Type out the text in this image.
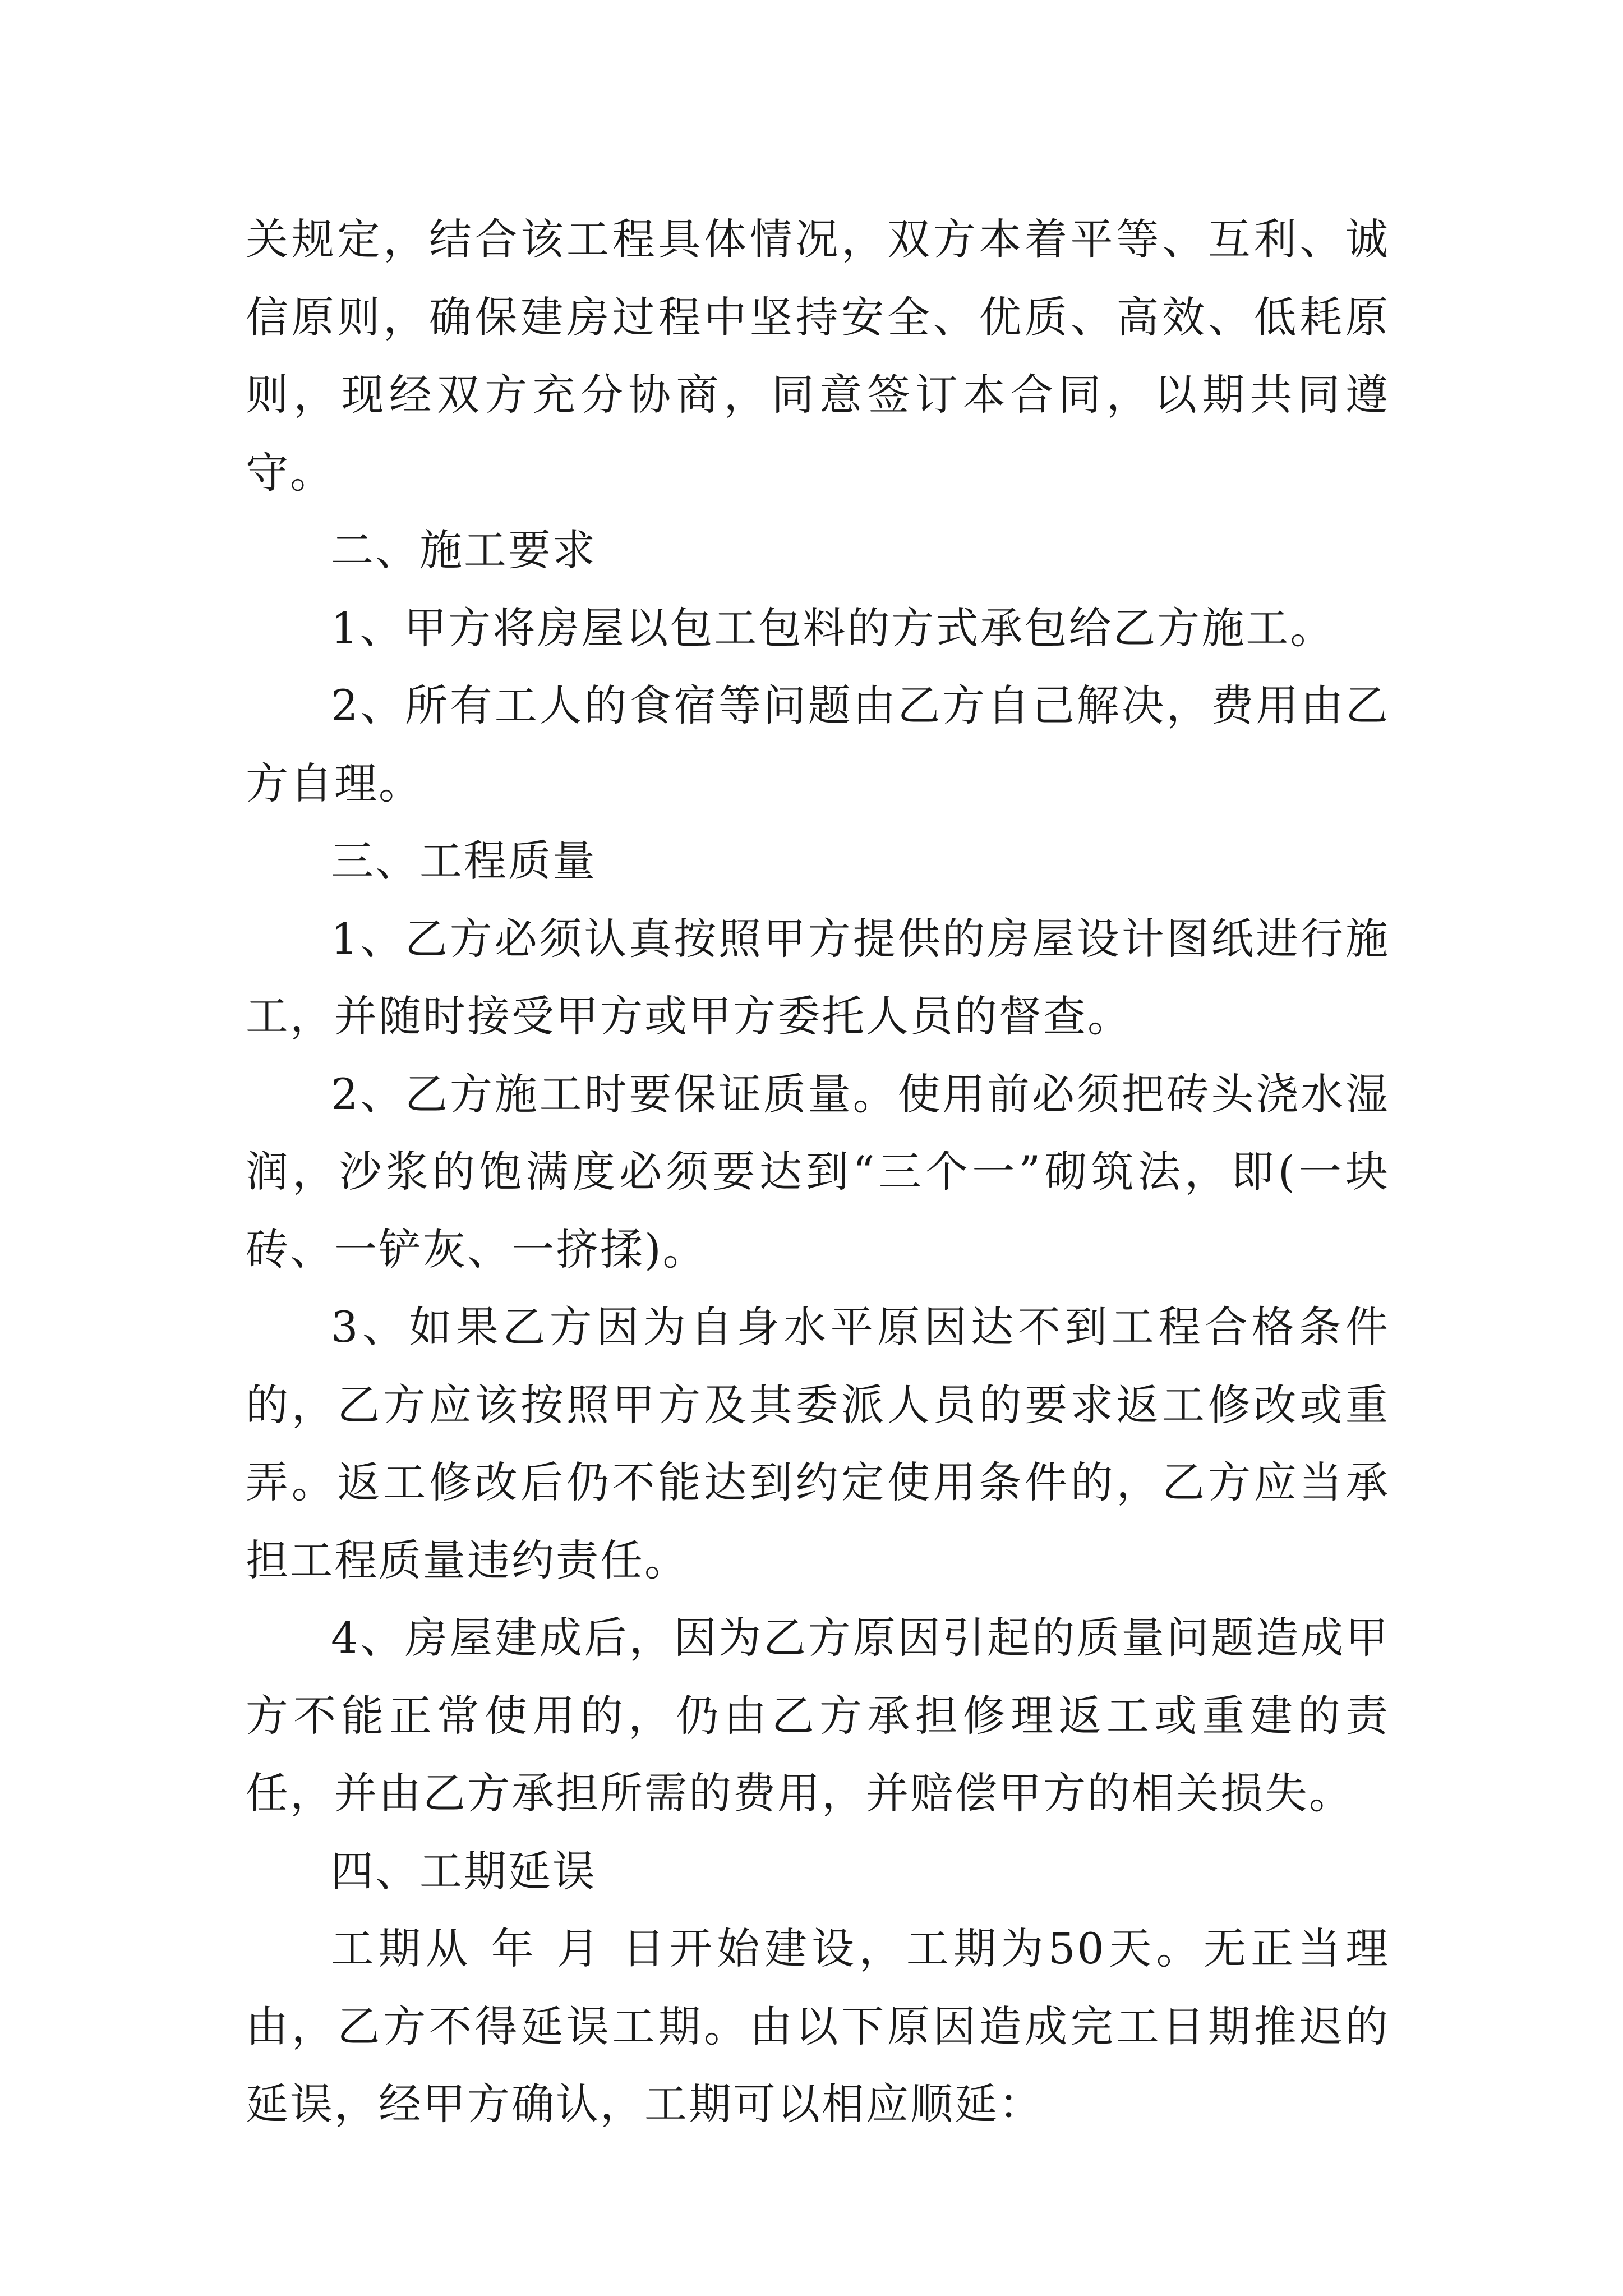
关规定，结合该工程具体情况，双方本着平等、互利、诚信原则，确保建房过程中坚持安全、优质、高效、低耗原则，现经双方充分协商，同意签订本合同，以期共同遵守。

二、施工要求

1、甲方将房屋以包工包料的方式承包给乙方施工。

2、所有工人的食宿等问题由乙方自己解决，费用由乙方自理。

三、工程质量

1、乙方必须认真按照甲方提供的房屋设计图纸进行施工，并随时接受甲方或甲方委托人员的督查。

2、乙方施工时要保证质量。使用前必须把砖头浇水湿润，沙浆的饱满度必须要达到“三个一”砌筑法，即(一块砖、一铲灰、一挤揉)。

3、如果乙方因为自身水平原因达不到工程合格条件的，乙方应该按照甲方及其委派人员的要求返工修改或重弄。返工修改后仍不能达到约定使用条件的，乙方应当承担工程质量违约责任。

4、房屋建成后，因为乙方原因引起的质量问题造成甲方不能正常使用的，仍由乙方承担修理返工或重建的责任，并由乙方承担所需的费用，并赔偿甲方的相关损失。

四、工期延误

工期从 年 月 日开始建设，工期为50天。无正当理由，乙方不得延误工期。由以下原因造成完工日期推迟的延误，经甲方确认，工期可以相应顺延：
